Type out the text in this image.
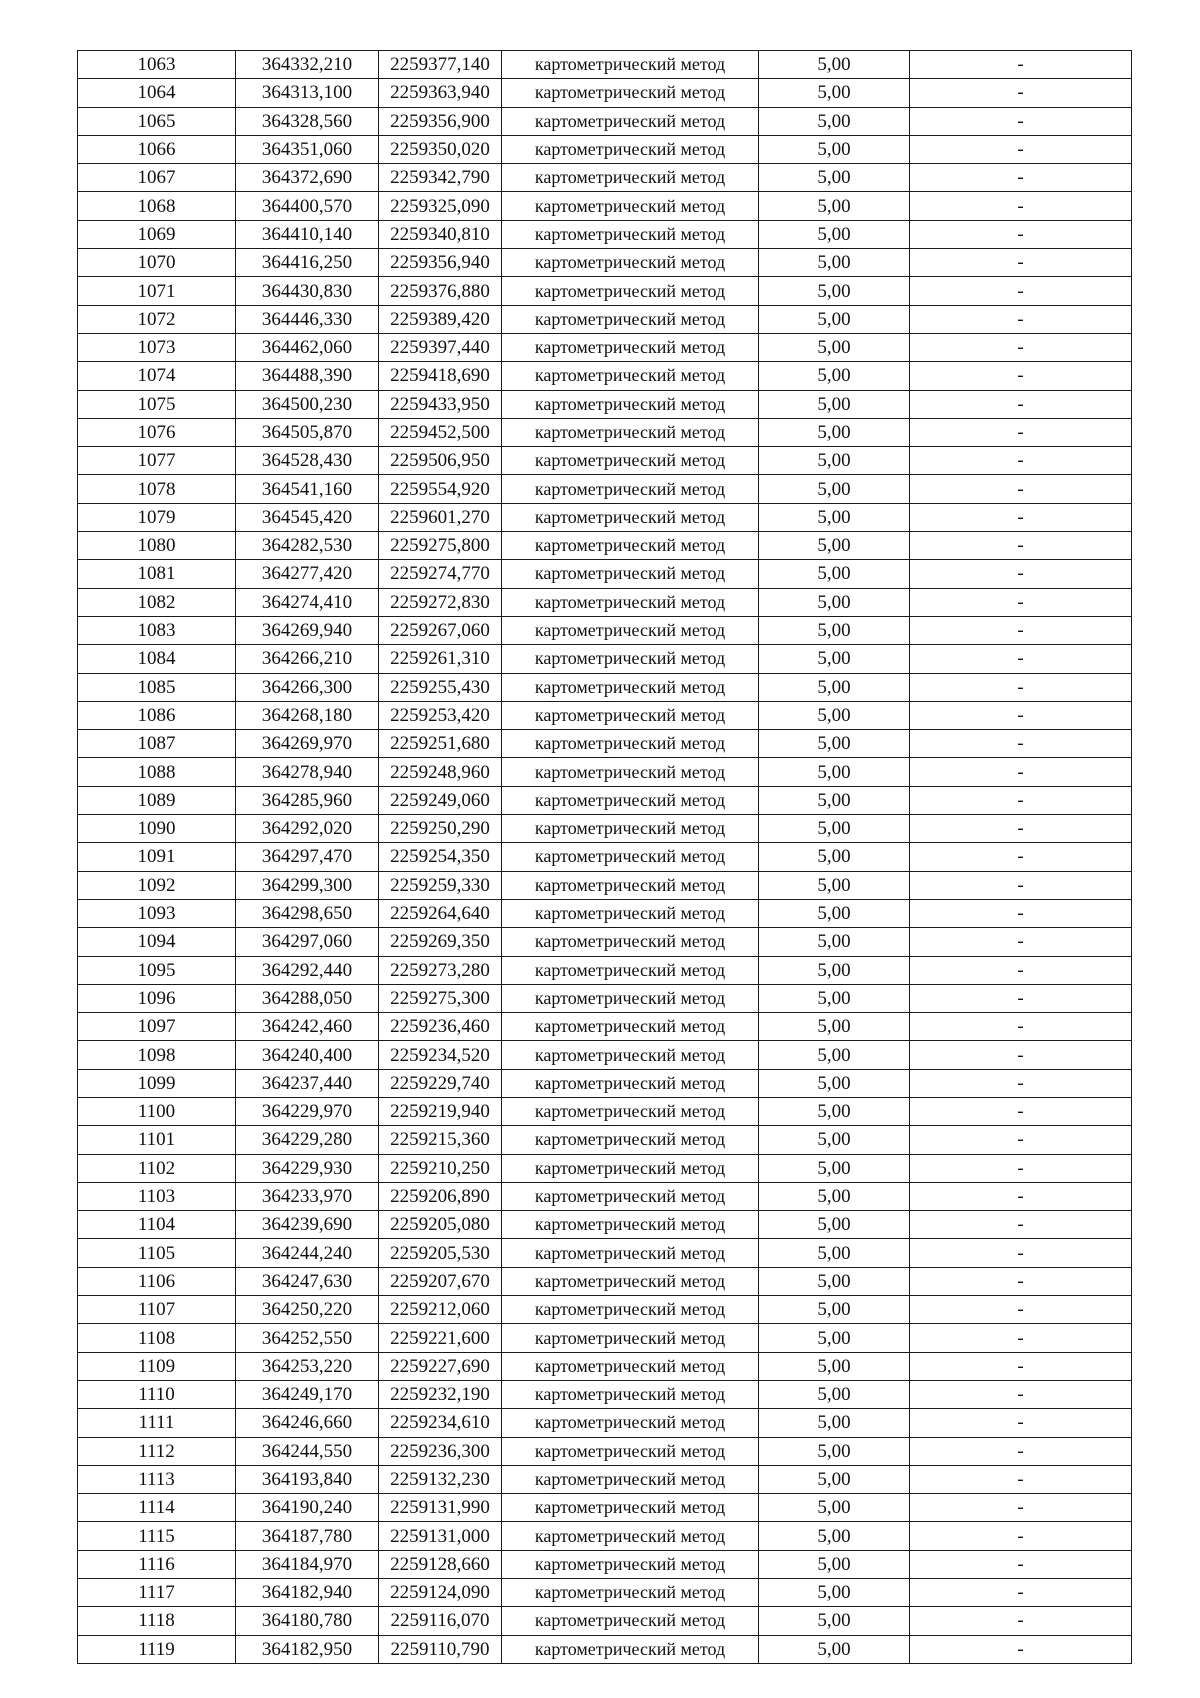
1063	364332,210	2259377,140	картометрический метод	5,00	-
1064	364313,100	2259363,940	картометрический метод	5,00	-
1065	364328,560	2259356,900	картометрический метод	5,00	-
1066	364351,060	2259350,020	картометрический метод	5,00	-
1067	364372,690	2259342,790	картометрический метод	5,00	-
1068	364400,570	2259325,090	картометрический метод	5,00	-
1069	364410,140	2259340,810	картометрический метод	5,00	-
1070	364416,250	2259356,940	картометрический метод	5,00	-
1071	364430,830	2259376,880	картометрический метод	5,00	-
1072	364446,330	2259389,420	картометрический метод	5,00	-
1073	364462,060	2259397,440	картометрический метод	5,00	-
1074	364488,390	2259418,690	картометрический метод	5,00	-
1075	364500,230	2259433,950	картометрический метод	5,00	-
1076	364505,870	2259452,500	картометрический метод	5,00	-
1077	364528,430	2259506,950	картометрический метод	5,00	-
1078	364541,160	2259554,920	картометрический метод	5,00	-
1079	364545,420	2259601,270	картометрический метод	5,00	-
1080	364282,530	2259275,800	картометрический метод	5,00	-
1081	364277,420	2259274,770	картометрический метод	5,00	-
1082	364274,410	2259272,830	картометрический метод	5,00	-
1083	364269,940	2259267,060	картометрический метод	5,00	-
1084	364266,210	2259261,310	картометрический метод	5,00	-
1085	364266,300	2259255,430	картометрический метод	5,00	-
1086	364268,180	2259253,420	картометрический метод	5,00	-
1087	364269,970	2259251,680	картометрический метод	5,00	-
1088	364278,940	2259248,960	картометрический метод	5,00	-
1089	364285,960	2259249,060	картометрический метод	5,00	-
1090	364292,020	2259250,290	картометрический метод	5,00	-
1091	364297,470	2259254,350	картометрический метод	5,00	-
1092	364299,300	2259259,330	картометрический метод	5,00	-
1093	364298,650	2259264,640	картометрический метод	5,00	-
1094	364297,060	2259269,350	картометрический метод	5,00	-
1095	364292,440	2259273,280	картометрический метод	5,00	-
1096	364288,050	2259275,300	картометрический метод	5,00	-
1097	364242,460	2259236,460	картометрический метод	5,00	-
1098	364240,400	2259234,520	картометрический метод	5,00	-
1099	364237,440	2259229,740	картометрический метод	5,00	-
1100	364229,970	2259219,940	картометрический метод	5,00	-
1101	364229,280	2259215,360	картометрический метод	5,00	-
1102	364229,930	2259210,250	картометрический метод	5,00	-
1103	364233,970	2259206,890	картометрический метод	5,00	-
1104	364239,690	2259205,080	картометрический метод	5,00	-
1105	364244,240	2259205,530	картометрический метод	5,00	-
1106	364247,630	2259207,670	картометрический метод	5,00	-
1107	364250,220	2259212,060	картометрический метод	5,00	-
1108	364252,550	2259221,600	картометрический метод	5,00	-
1109	364253,220	2259227,690	картометрический метод	5,00	-
1110	364249,170	2259232,190	картометрический метод	5,00	-
1111	364246,660	2259234,610	картометрический метод	5,00	-
1112	364244,550	2259236,300	картометрический метод	5,00	-
1113	364193,840	2259132,230	картометрический метод	5,00	-
1114	364190,240	2259131,990	картометрический метод	5,00	-
1115	364187,780	2259131,000	картометрический метод	5,00	-
1116	364184,970	2259128,660	картометрический метод	5,00	-
1117	364182,940	2259124,090	картометрический метод	5,00	-
1118	364180,780	2259116,070	картометрический метод	5,00	-
1119	364182,950	2259110,790	картометрический метод	5,00	-
